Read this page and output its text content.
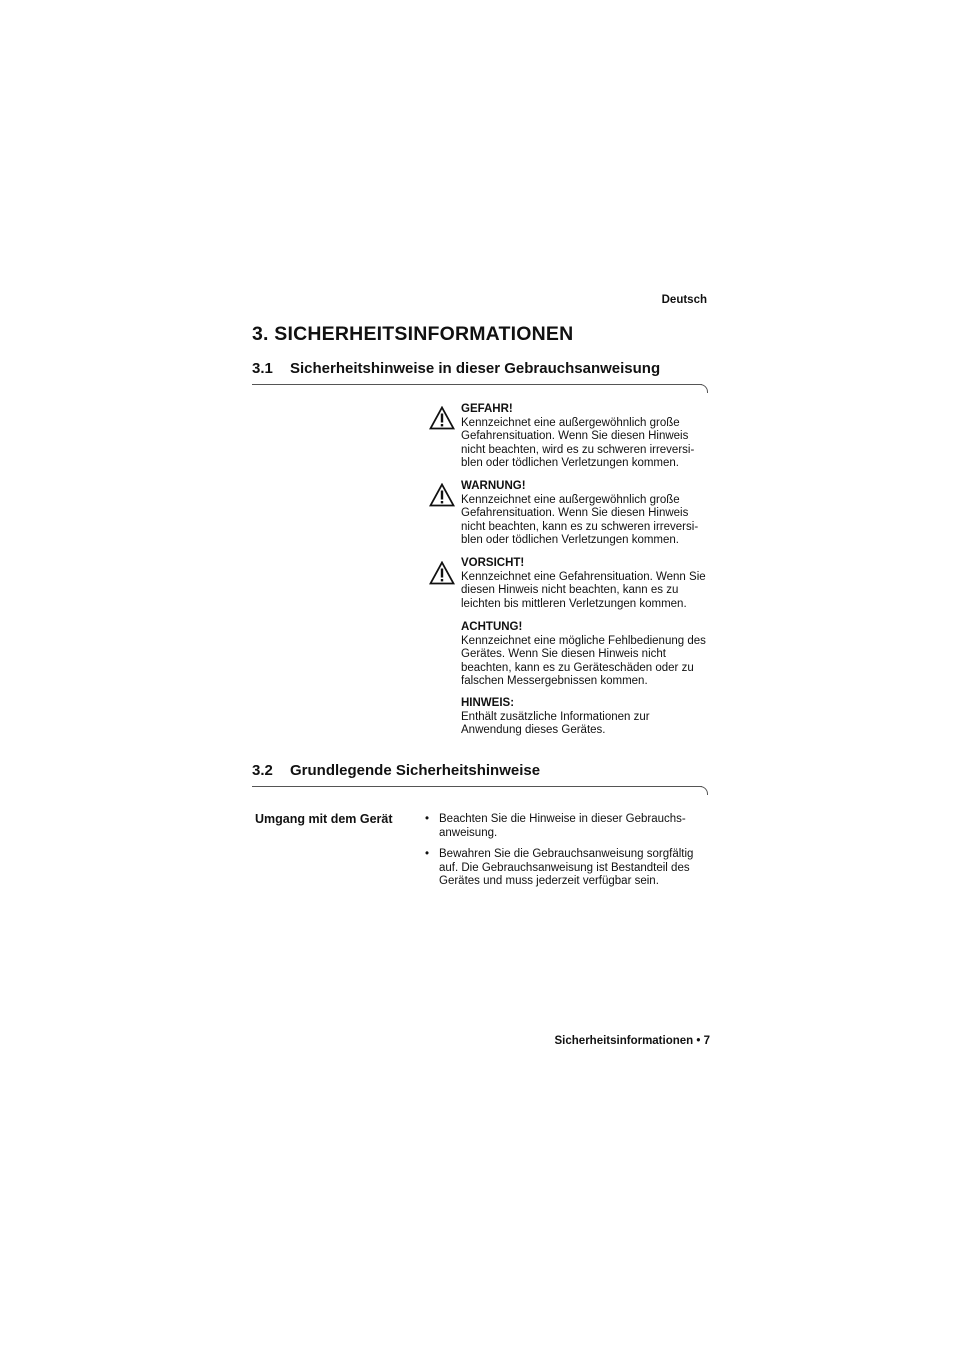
Deutsch
3. SICHERHEITSINFORMATIONEN
3.1 Sicherheitshinweise in dieser Gebrauchsanweisung
GEFAHR!
Kennzeichnet eine außergewöhnlich große
Gefahrensituation. Wenn Sie diesen Hinweis
nicht beachten, wird es zu schweren irreversi-
blen oder tödlichen Verletzungen kommen.
WARNUNG!
Kennzeichnet eine außergewöhnlich große
Gefahrensituation. Wenn Sie diesen Hinweis
nicht beachten, kann es zu schweren irreversi-
blen oder tödlichen Verletzungen kommen.
VORSICHT!
Kennzeichnet eine Gefahrensituation. Wenn Sie
diesen Hinweis nicht beachten, kann es zu
leichten bis mittleren Verletzungen kommen.
ACHTUNG!
Kennzeichnet eine mögliche Fehlbedienung des
Gerätes. Wenn Sie diesen Hinweis nicht
beachten, kann es zu Geräteschäden oder zu
falschen Messergebnissen kommen.
HINWEIS:
Enthält zusätzliche Informationen zur
Anwendung dieses Gerätes.
3.2 Grundlegende Sicherheitshinweise
Umgang mit dem Gerät	• Beachten Sie die Hinweise in dieser Gebrauchs-
anweisung.
• Bewahren Sie die Gebrauchsanweisung sorgfältig
auf. Die Gebrauchsanweisung ist Bestandteil des
Gerätes und muss jederzeit verfügbar sein.
Sicherheitsinformationen • 7
